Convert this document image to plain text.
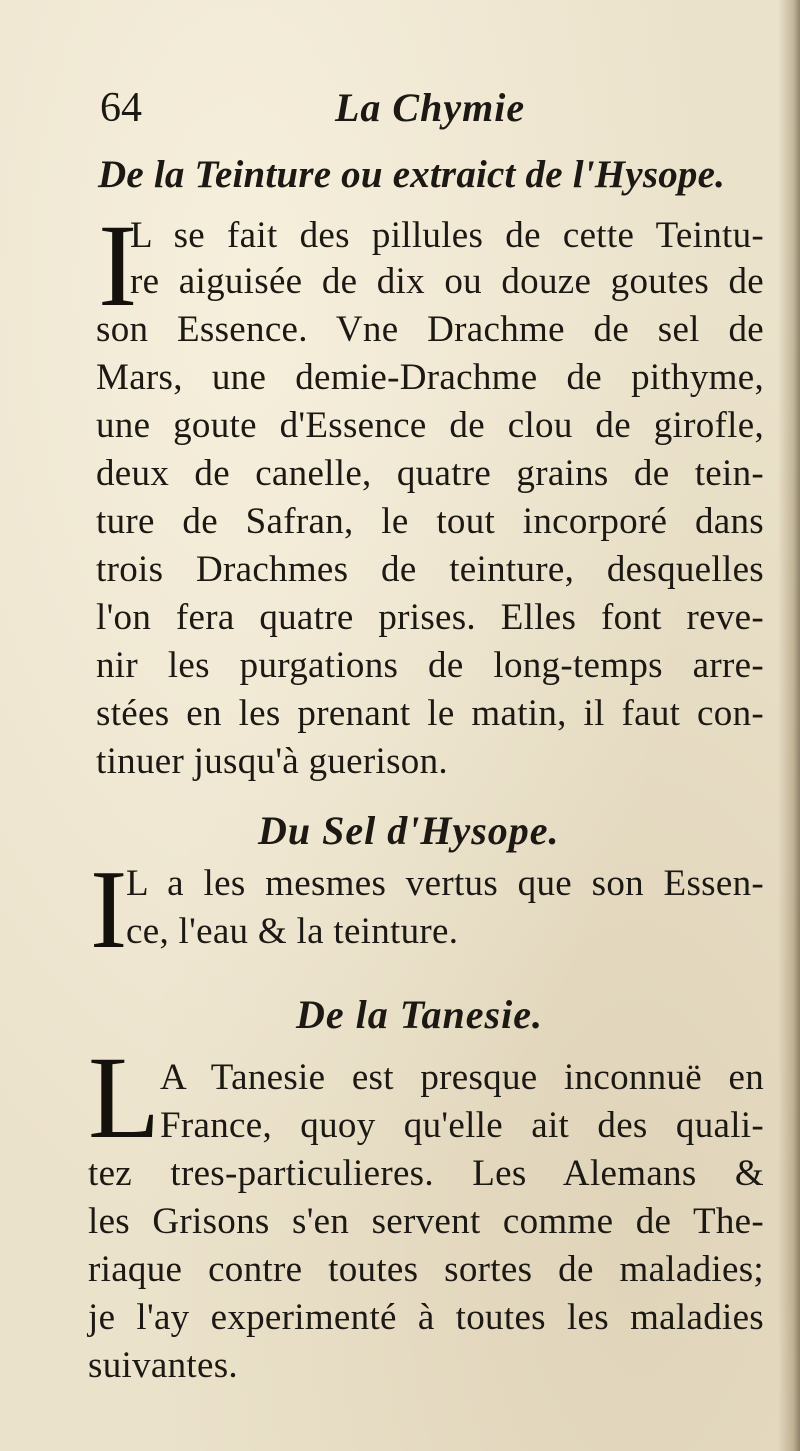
64	La Chymie
De la Teinture ou extraict de l'Hysope.
I
L se fait des pillules de cette Teintu-
re aiguisée de dix ou douze goutes de
son Essence. Vne Drachme de sel de
Mars, une demie-Drachme de pithyme,
une goute d'Essence de clou de girofle,
deux de canelle, quatre grains de tein-
ture de Safran, le tout incorporé dans
trois Drachmes de teinture, desquelles
l'on fera quatre prises. Elles font reve-
nir les purgations de long-temps arre-
stées en les prenant le matin, il faut con-
tinuer jusqu'à guerison.
Du Sel d'Hysope.
I
L a les mesmes vertus que son Essen-
ce, l'eau & la teinture.
De la Tanesie.
L A Tanesie est presque inconnuë en
France, quoy qu'elle ait des quali-
tez tres-particulieres. Les Alemans &
les Grisons s'en servent comme de The-
riaque contre toutes sortes de maladies;
je l'ay experimenté à toutes les maladies
suivantes.
